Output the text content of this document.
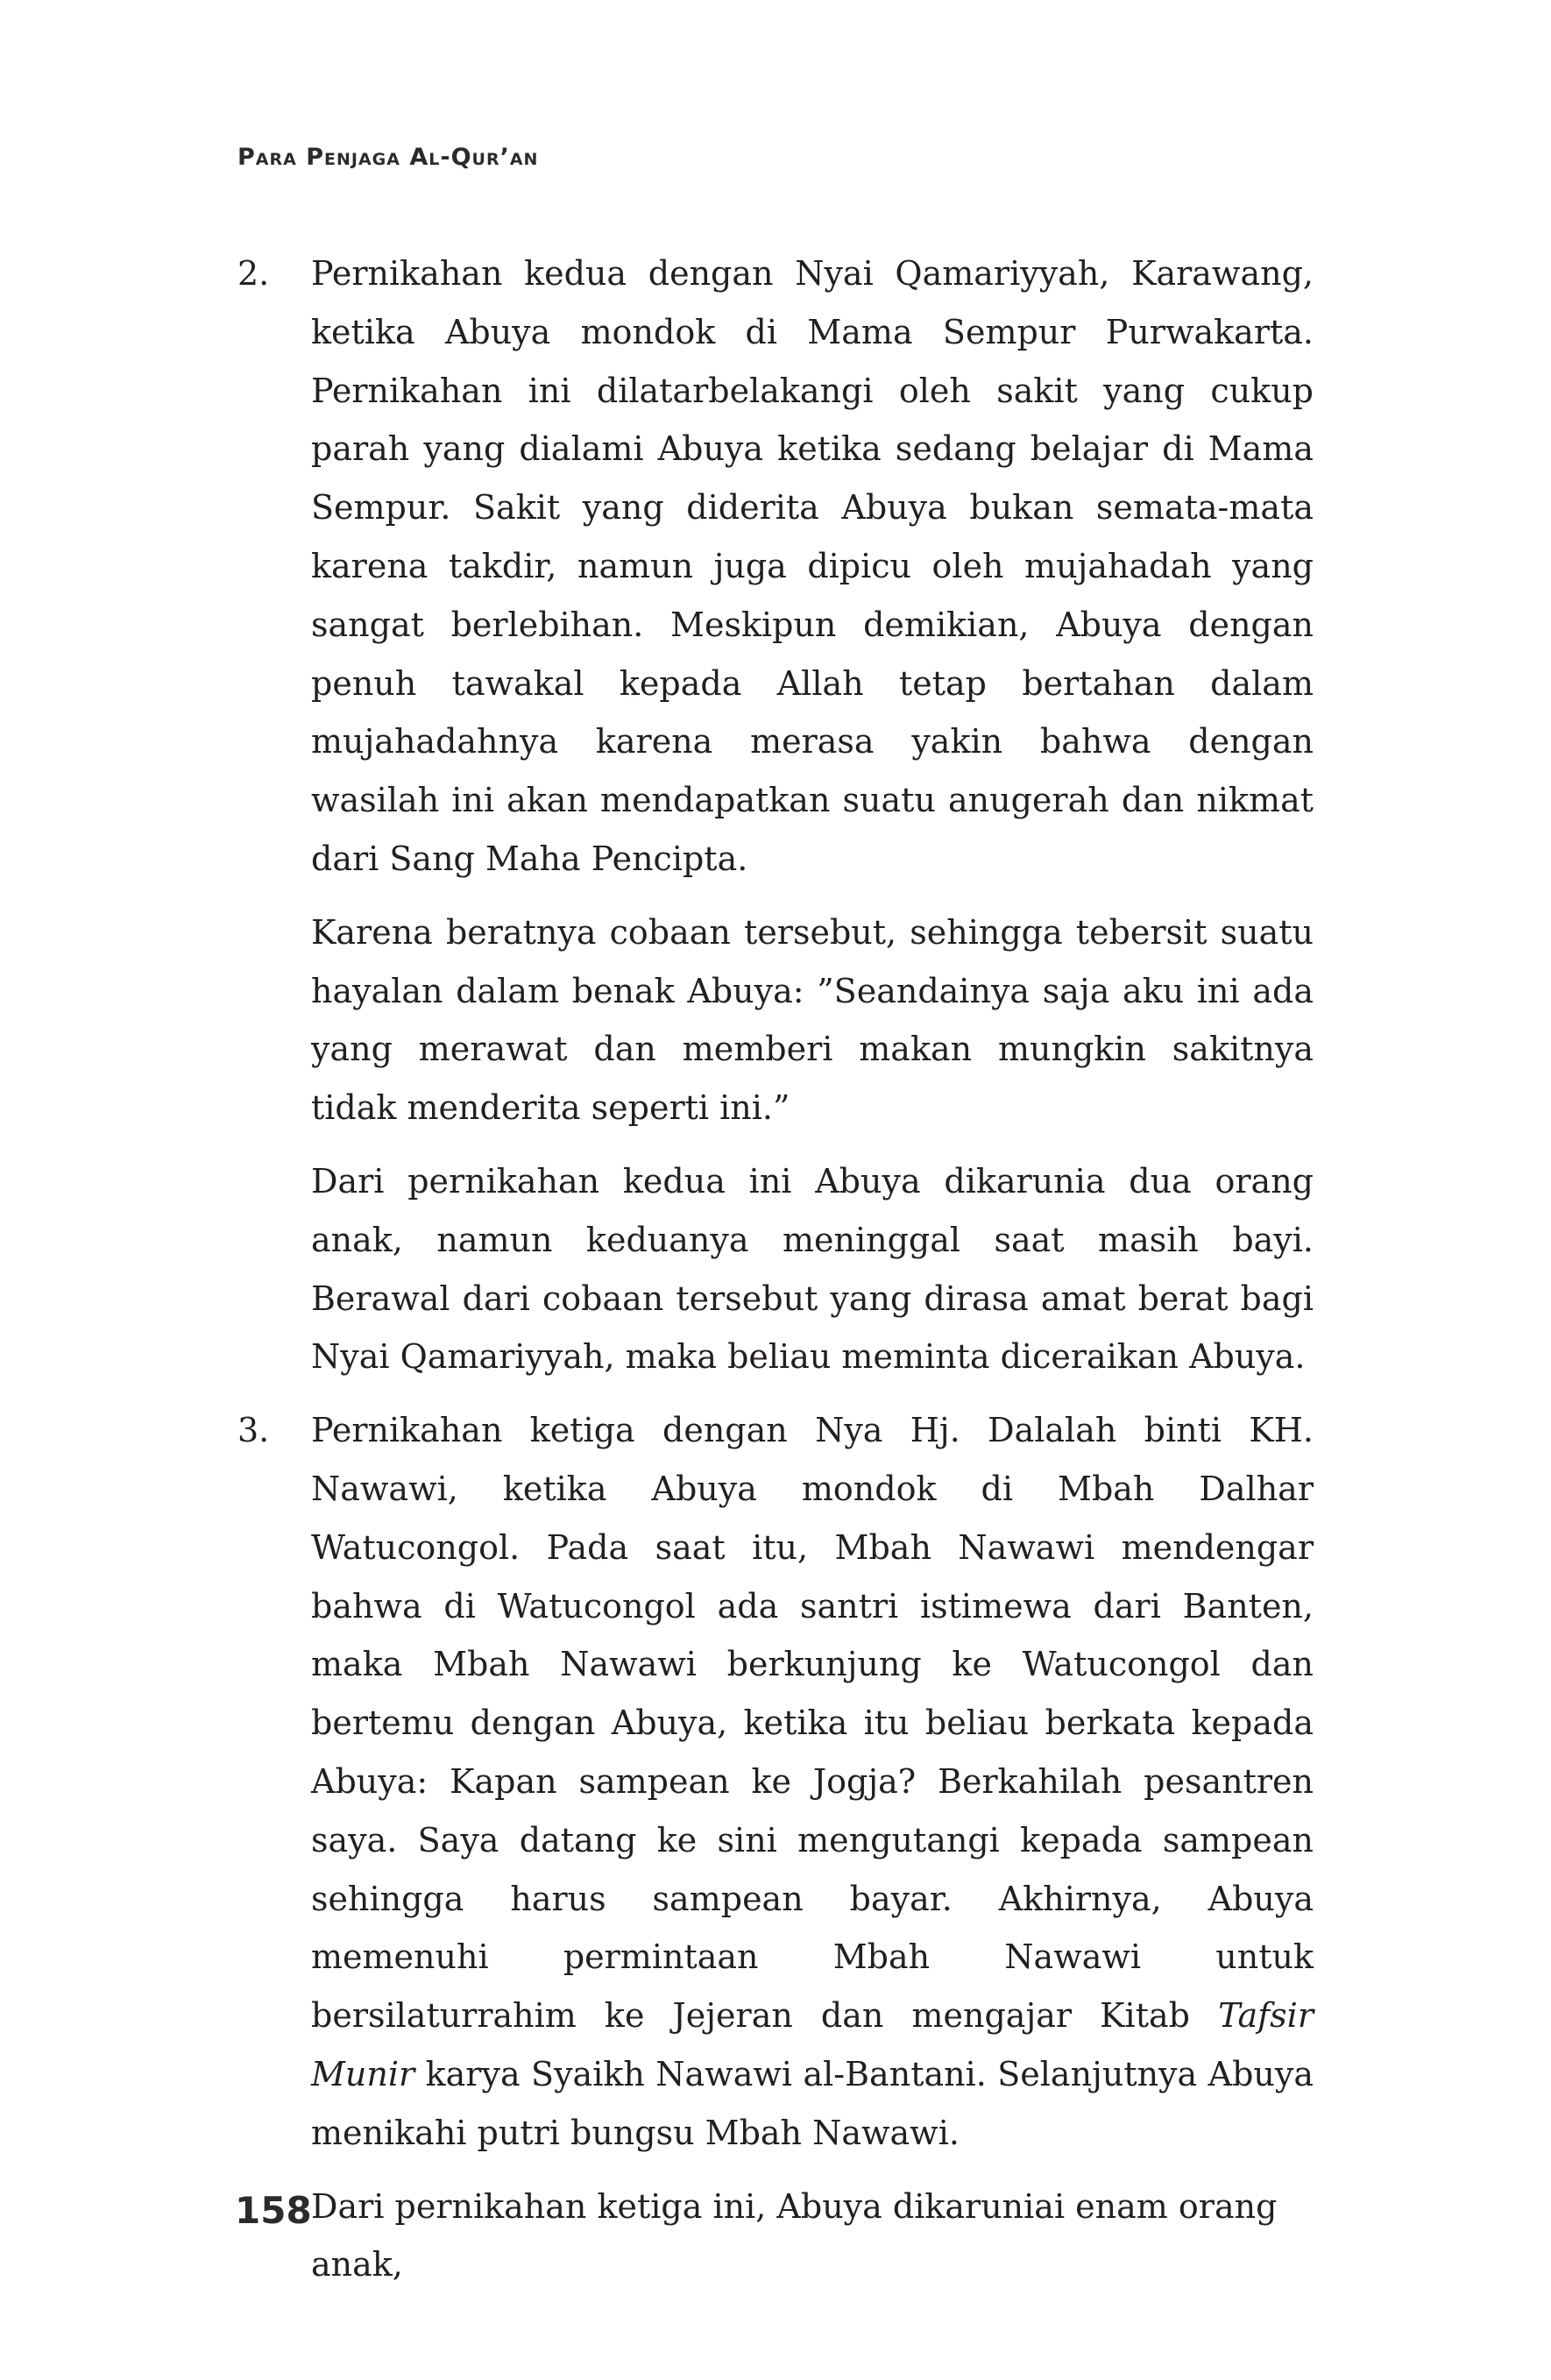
Para Penjaga Al-Qur’an
2. Pernikahan kedua dengan Nyai Qamariyyah, Karawang, ketika Abuya mondok di Mama Sempur Purwakarta. Pernikahan ini dilatarbelakangi oleh sakit yang cukup parah yang dialami Abuya ketika sedang belajar di Mama Sempur. Sakit yang diderita Abuya bukan semata-mata karena takdir, namun juga dipicu oleh mujahadah yang sangat berlebihan. Meskipun demikian, Abuya dengan penuh tawakal kepada Allah tetap bertahan dalam mujahadahnya karena merasa yakin bahwa dengan wasilah ini akan mendapatkan suatu anugerah dan nikmat dari Sang Maha Pencipta.

Karena beratnya cobaan tersebut, sehingga tebersit suatu hayalan dalam benak Abuya: ”Seandainya saja aku ini ada yang merawat dan memberi makan mungkin sakitnya tidak menderita seperti ini.”

Dari pernikahan kedua ini Abuya dikarunia dua orang anak, namun keduanya meninggal saat masih bayi. Berawal dari cobaan tersebut yang dirasa amat berat bagi Nyai Qamariyyah, maka beliau meminta diceraikan Abuya.

3. Pernikahan ketiga dengan Nya Hj. Dalalah binti KH. Nawawi, ketika Abuya mondok di Mbah Dalhar Watucongol. Pada saat itu, Mbah Nawawi mendengar bahwa di Watucongol ada santri istimewa dari Banten, maka Mbah Nawawi berkunjung ke Watucongol dan bertemu dengan Abuya, ketika itu beliau berkata kepada Abuya: Kapan sampean ke Jogja? Berkahilah pesantren saya. Saya datang ke sini mengutangi kepada sampean sehingga harus sampean bayar. Akhirnya, Abuya memenuhi permintaan Mbah Nawawi untuk bersilaturrahim ke Jejeran dan mengajar Kitab Tafsir Munir karya Syaikh Nawawi al-Bantani. Selanjutnya Abuya menikahi putri bungsu Mbah Nawawi.

Dari pernikahan ketiga ini, Abuya dikaruniai enam orang anak,

158
